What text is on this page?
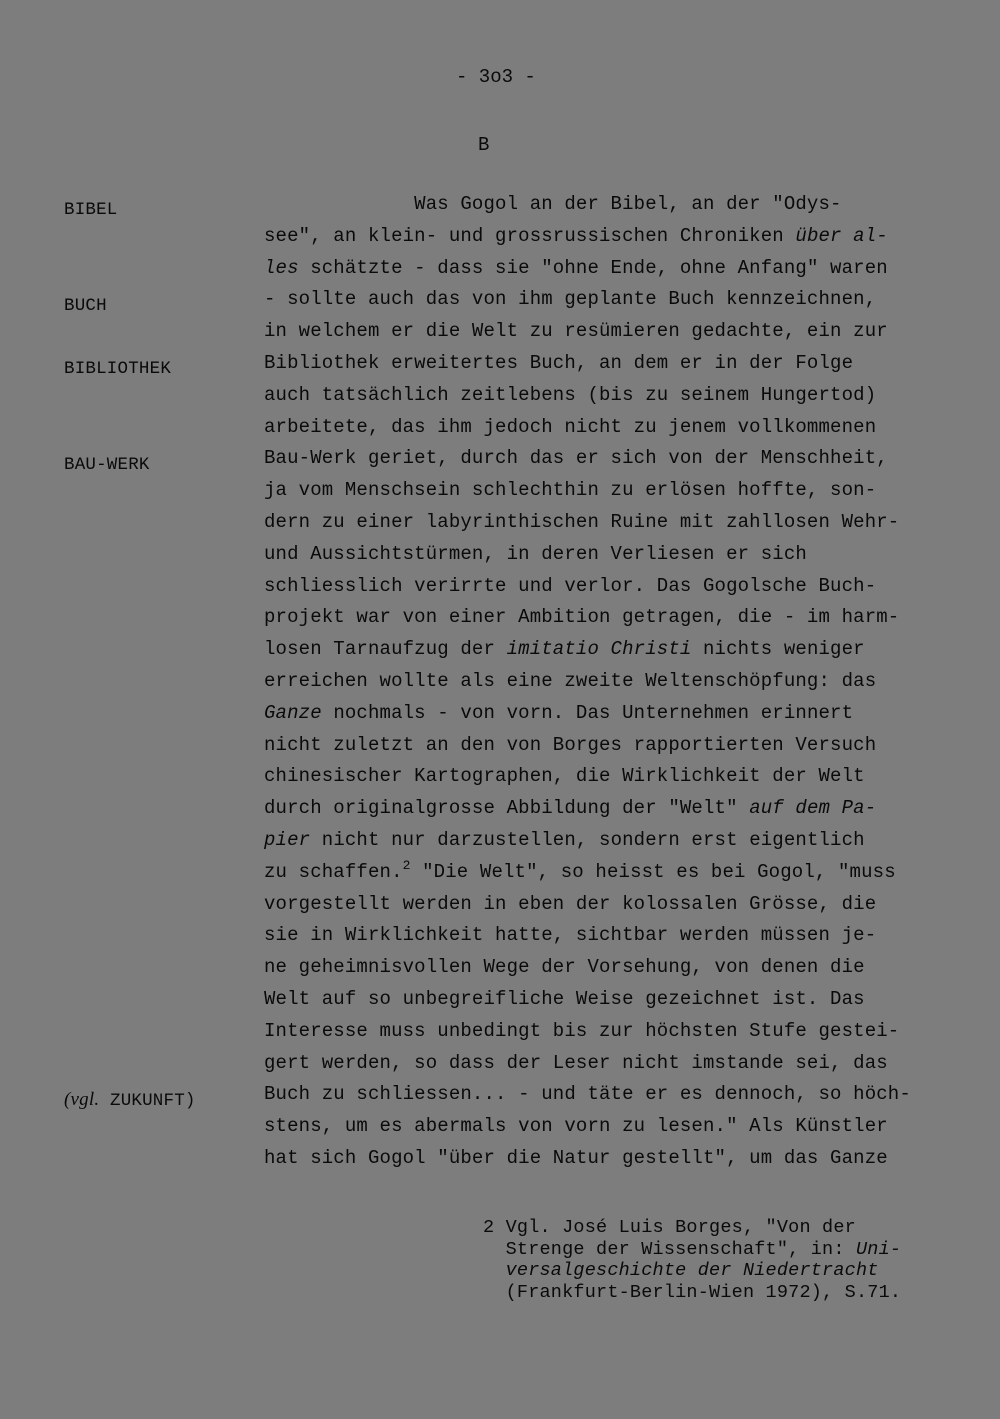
- 3o3 -
B
BIBEL
BUCH
BIBLIOTHEK
BAU-WERK
(vgl. ZUKUNFT)
Was Gogol an der Bibel, an der "Odys-
see", an klein- und grossrussischen Chroniken über al-
les schätzte - dass sie "ohne Ende, ohne Anfang" waren
- sollte auch das von ihm geplante Buch kennzeichnen,
in welchem er die Welt zu resümieren gedachte, ein zur
Bibliothek erweitertes Buch, an dem er in der Folge
auch tatsächlich zeitlebens (bis zu seinem Hungertod)
arbeitete, das ihm jedoch nicht zu jenem vollkommenen
Bau-Werk geriet, durch das er sich von der Menschheit,
ja vom Menschsein schlechthin zu erlösen hoffte, son-
dern zu einer labyrinthischen Ruine mit zahllosen Wehr-
und Aussichtstürmen, in deren Verliesen er sich
schliesslich verirrte und verlor. Das Gogolsche Buch-
projekt war von einer Ambition getragen, die - im harm-
losen Tarnaufzug der imitatio Christi nichts weniger
erreichen wollte als eine zweite Weltenschöpfung: das
Ganze nochmals - von vorn. Das Unternehmen erinnert
nicht zuletzt an den von Borges rapportierten Versuch
chinesischer Kartographen, die Wirklichkeit der Welt
durch originalgrosse Abbildung der "Welt" auf dem Pa-
pier nicht nur darzustellen, sondern erst eigentlich
zu schaffen.$^2$ "Die Welt", so heisst es bei Gogol, "muss
vorgestellt werden in eben der kolossalen Grösse, die
sie in Wirklichkeit hatte, sichtbar werden müssen je-
ne geheimnisvollen Wege der Vorsehung, von denen die
Welt auf so unbegreifliche Weise gezeichnet ist. Das
Interesse muss unbedingt bis zur höchsten Stufe gestei-
gert werden, so dass der Leser nicht imstande sei, das
Buch zu schliessen... - und täte er es dennoch, so höch-
stens, um es abermals von vorn zu lesen." Als Künstler
hat sich Gogol "über die Natur gestellt", um das Ganze
2 Vgl. José Luis Borges, "Von der
Strenge der Wissenschaft", in: Uni-
versalgeschichte der Niedertracht
(Frankfurt-Berlin-Wien 1972), S.71.
